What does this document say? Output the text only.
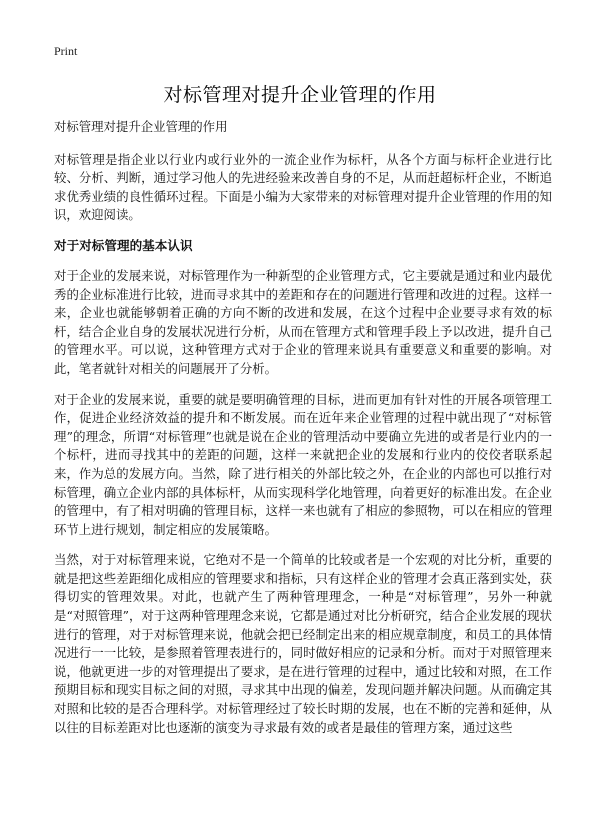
Print
对标管理对提升企业管理的作用

对标管理对提升企业管理的作用

对标管理是指企业以行业内或行业外的一流企业作为标杆，从各个方面与标杆企业进行比较、分析、判断，通过学习他人的先进经验来改善自身的不足，从而赶超标杆企业，不断追求优秀业绩的良性循环过程。下面是小编为大家带来的对标管理对提升企业管理的作用的知识，欢迎阅读。

对于对标管理的基本认识

对于企业的发展来说，对标管理作为一种新型的企业管理方式，它主要就是通过和业内最优秀的企业标准进行比较，进而寻求其中的差距和存在的问题进行管理和改进的过程。这样一来，企业也就能够朝着正确的方向不断的改进和发展，在这个过程中企业要寻求有效的标杆，结合企业自身的发展状况进行分析，从而在管理方式和管理手段上予以改进，提升自己的管理水平。可以说，这种管理方式对于企业的管理来说具有重要意义和重要的影响。对此，笔者就针对相关的问题展开了分析。

对于企业的发展来说，重要的就是要明确管理的目标，进而更加有针对性的开展各项管理工作，促进企业经济效益的提升和不断发展。而在近年来企业管理的过程中就出现了“对标管理”的理念，所谓“对标管理”也就是说在企业的管理活动中要确立先进的或者是行业内的一个标杆，进而寻找其中的差距的问题，这样一来就把企业的发展和行业内的佼佼者联系起来，作为总的发展方向。当然，除了进行相关的外部比较之外，在企业的内部也可以推行对标管理，确立企业内部的具体标杆，从而实现科学化地管理，向着更好的标准出发。在企业的管理中，有了相对明确的管理目标，这样一来也就有了相应的参照物，可以在相应的管理环节上进行规划，制定相应的发展策略。

当然，对于对标管理来说，它绝对不是一个简单的比较或者是一个宏观的对比分析，重要的就是把这些差距细化成相应的管理要求和指标，只有这样企业的管理才会真正落到实处，获得切实的管理效果。对此，也就产生了两种管理理念，一种是“对标管理”，另外一种就是“对照管理”，对于这两种管理理念来说，它都是通过对比分析研究，结合企业发展的现状进行的管理，对于对标管理来说，他就会把已经制定出来的相应规章制度，和员工的具体情况进行一一比较，是参照着管理表进行的，同时做好相应的记录和分析。而对于对照管理来说，他就更进一步的对管理提出了要求，是在进行管理的过程中，通过比较和对照，在工作预期目标和现实目标之间的对照，寻求其中出现的偏差，发现问题并解决问题。从而确定其对照和比较的是否合理科学。对标管理经过了较长时期的发展，也在不断的完善和延伸，从以往的目标差距对比也逐渐的演变为寻求最有效的或者是最佳的管理方案，通过这些
